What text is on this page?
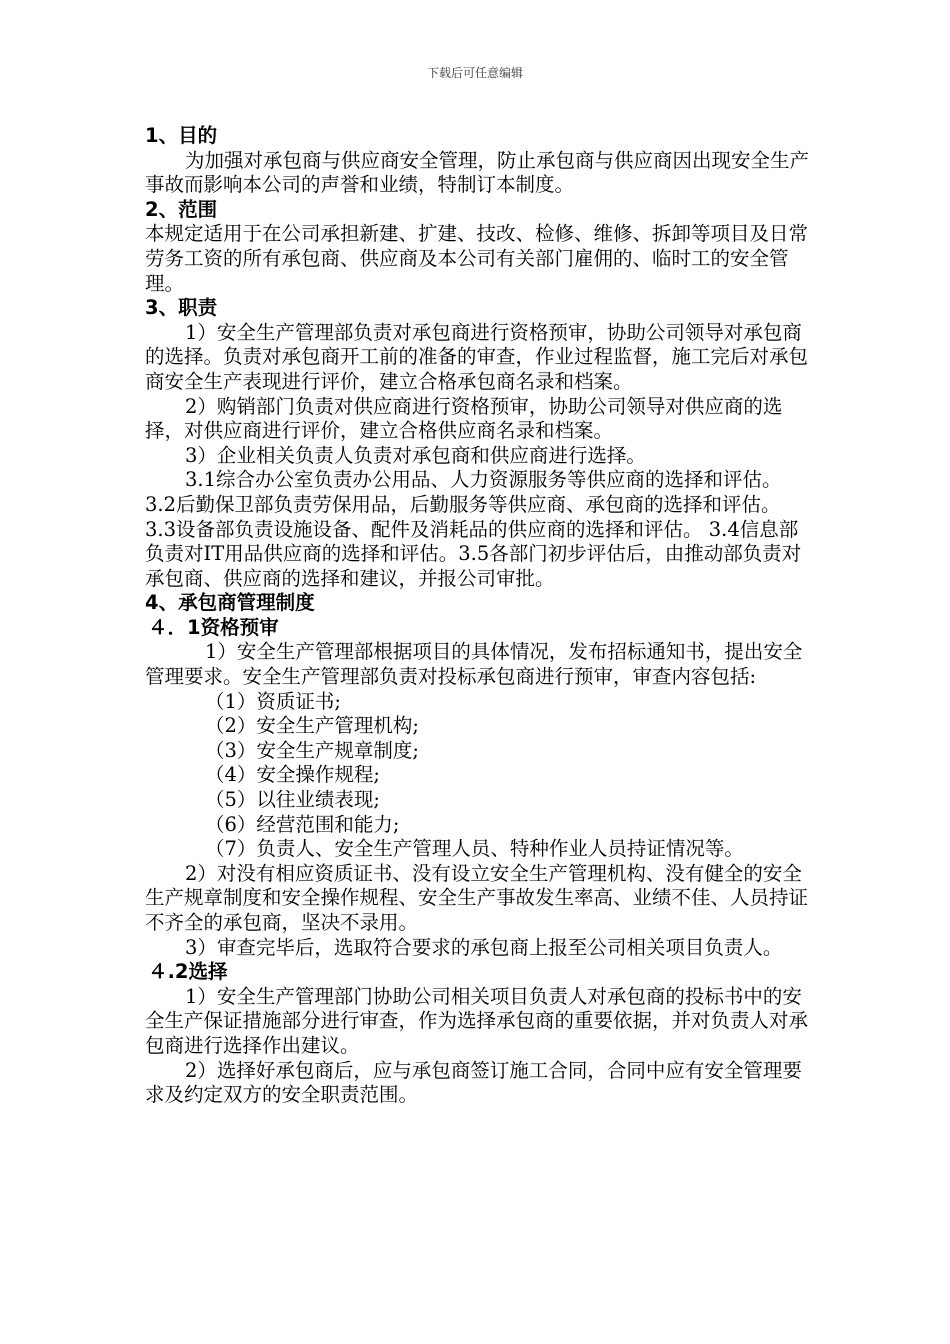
下载后可任意编辑

1、目的

为加强对承包商与供应商安全管理，防止承包商与供应商因出现安全生产事故而影响本公司的声誉和业绩，特制订本制度。

2、范围

本规定适用于在公司承担新建、扩建、技改、检修、维修、拆卸等项目及日常劳务工资的所有承包商、供应商及本公司有关部门雇佣的、临时工的安全管理。

3、职责

1）安全生产管理部负责对承包商进行资格预审，协助公司领导对承包商的选择。负责对承包商开工前的准备的审查，作业过程监督，施工完后对承包商安全生产表现进行评价，建立合格承包商名录和档案。

2）购销部门负责对供应商进行资格预审，协助公司领导对供应商的选择，对供应商进行评价，建立合格供应商名录和档案。

3）企业相关负责人负责对承包商和供应商进行选择。

3.1综合办公室负责办公用品、人力资源服务等供应商的选择和评估。 3.2后勤保卫部负责劳保用品，后勤服务等供应商、承包商的选择和评估。 3.3设备部负责设施设备、配件及消耗品的供应商的选择和评估。 3.4信息部负责对IT用品供应商的选择和评估。3.5各部门初步评估后，由推动部负责对承包商、供应商的选择和建议，并报公司审批。

4、承包商管理制度

４．1资格预审

1）安全生产管理部根据项目的具体情况，发布招标通知书，提出安全管理要求。安全生产管理部负责对投标承包商进行预审，审查内容包括:

（1）资质证书;

（2）安全生产管理机构;

（3）安全生产规章制度;

（4）安全操作规程;

（5）以往业绩表现;

（6）经营范围和能力;

（7）负责人、安全生产管理人员、特种作业人员持证情况等。

2）对没有相应资质证书、没有设立安全生产管理机构、没有健全的安全生产规章制度和安全操作规程、安全生产事故发生率高、业绩不佳、人员持证不齐全的承包商，坚决不录用。

3）审查完毕后，选取符合要求的承包商上报至公司相关项目负责人。

４.2选择

1）安全生产管理部门协助公司相关项目负责人对承包商的投标书中的安全生产保证措施部分进行审查，作为选择承包商的重要依据，并对负责人对承包商进行选择作出建议。

2）选择好承包商后，应与承包商签订施工合同，合同中应有安全管理要求及约定双方的安全职责范围。
